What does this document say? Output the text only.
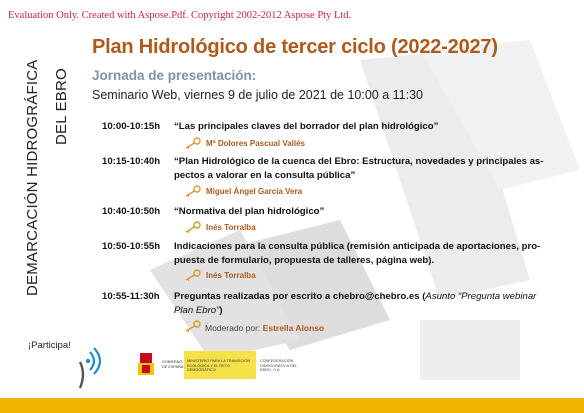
Evaluation Only. Created with Aspose.Pdf. Copyright 2002-2012 Aspose Pty Ltd.
DEMARCACIÓN HIDROGRÁFICA DEL EBRO
Plan Hidrológico de tercer ciclo (2022-2027)
Jornada de presentación:
Seminario Web, viernes 9 de julio de 2021 de 10:00 a 11:30
10:00-10:15h “Las principales claves del borrador del plan hidrológico”
Mª Dolores Pascual Vallés
10:15-10:40h “Plan Hidrológico de la cuenca del Ebro: Estructura, novedades y principales as-pectos a valorar en la consulta pública”
Miguel Ángel García Vera
10:40-10:50h “Normativa del plan hidrológico”
Inés Torralba
10:50-10:55h Indicaciones para la consulta pública (remisión anticipada de aportaciones, pro-puesta de formulario, propuesta de talleres, página web).
Inés Torralba
10:55-11:30h Preguntas realizadas por escrito a chebro@chebro.es (Asunto “Pregunta webinar Plan Ebro”)
Moderado por: Estrella Alonso
¡Participa!
GOBIERNO DE ESPAÑA
MINISTERIO PARA LA TRANSICIÓN ECOLÓGICA Y EL RETO DEMOGRÁFICO
CONFEDERACIÓN HIDROGRÁFICA DEL EBRO, O.A.
